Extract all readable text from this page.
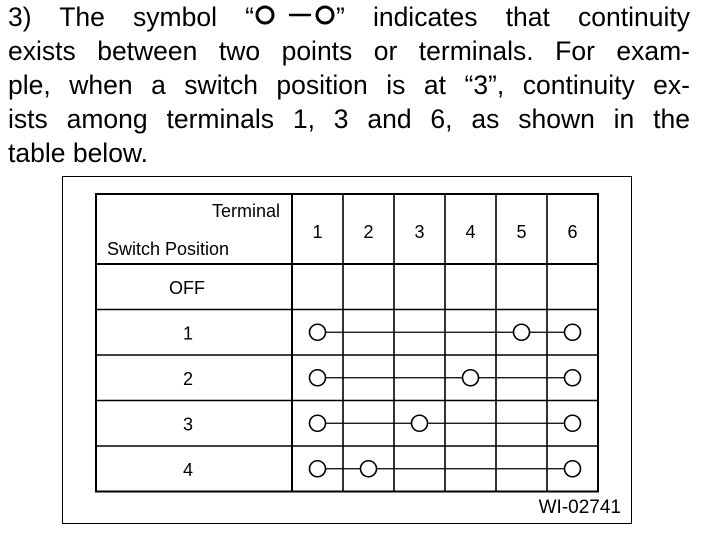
3) The symbol “	” indicates that continuity
exists between two points or terminals. For exam-
ple, when a switch position is at “3”, continuity ex-
ists among terminals 1, 3 and 6, as shown in the
table below.
Terminal
Switch Position
1 2 3 4 5 6
OFF
1
2
3
4
WI-02741
